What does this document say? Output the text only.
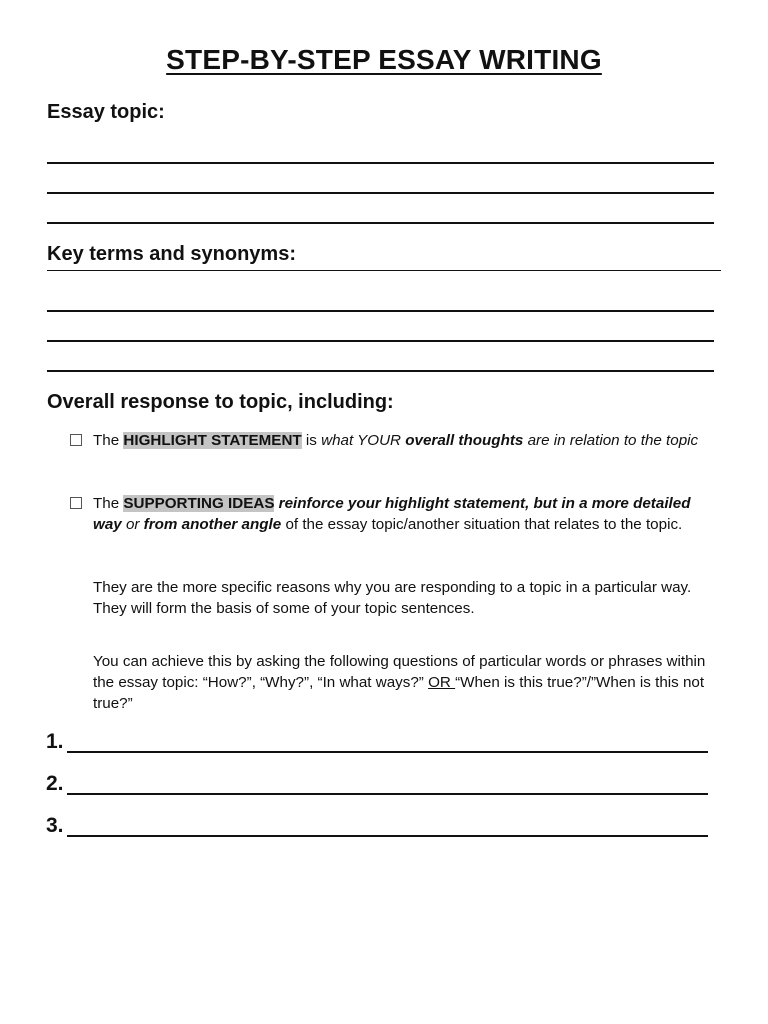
STEP-BY-STEP ESSAY WRITING
Essay topic:
Key terms and synonyms:
Overall response to topic, including:
The HIGHLIGHT STATEMENT is what YOUR overall thoughts are in relation to the topic
The SUPPORTING IDEAS reinforce your highlight statement, but in a more detailed way or from another angle of the essay topic/another situation that relates to the topic.
They are the more specific reasons why you are responding to a topic in a particular way. They will form the basis of some of your topic sentences.
You can achieve this by asking the following questions of particular words or phrases within the essay topic: “How?”, “Why?”, “In what ways?” OR “When is this true?”/”When is this not true?”
1.
2.
3.
